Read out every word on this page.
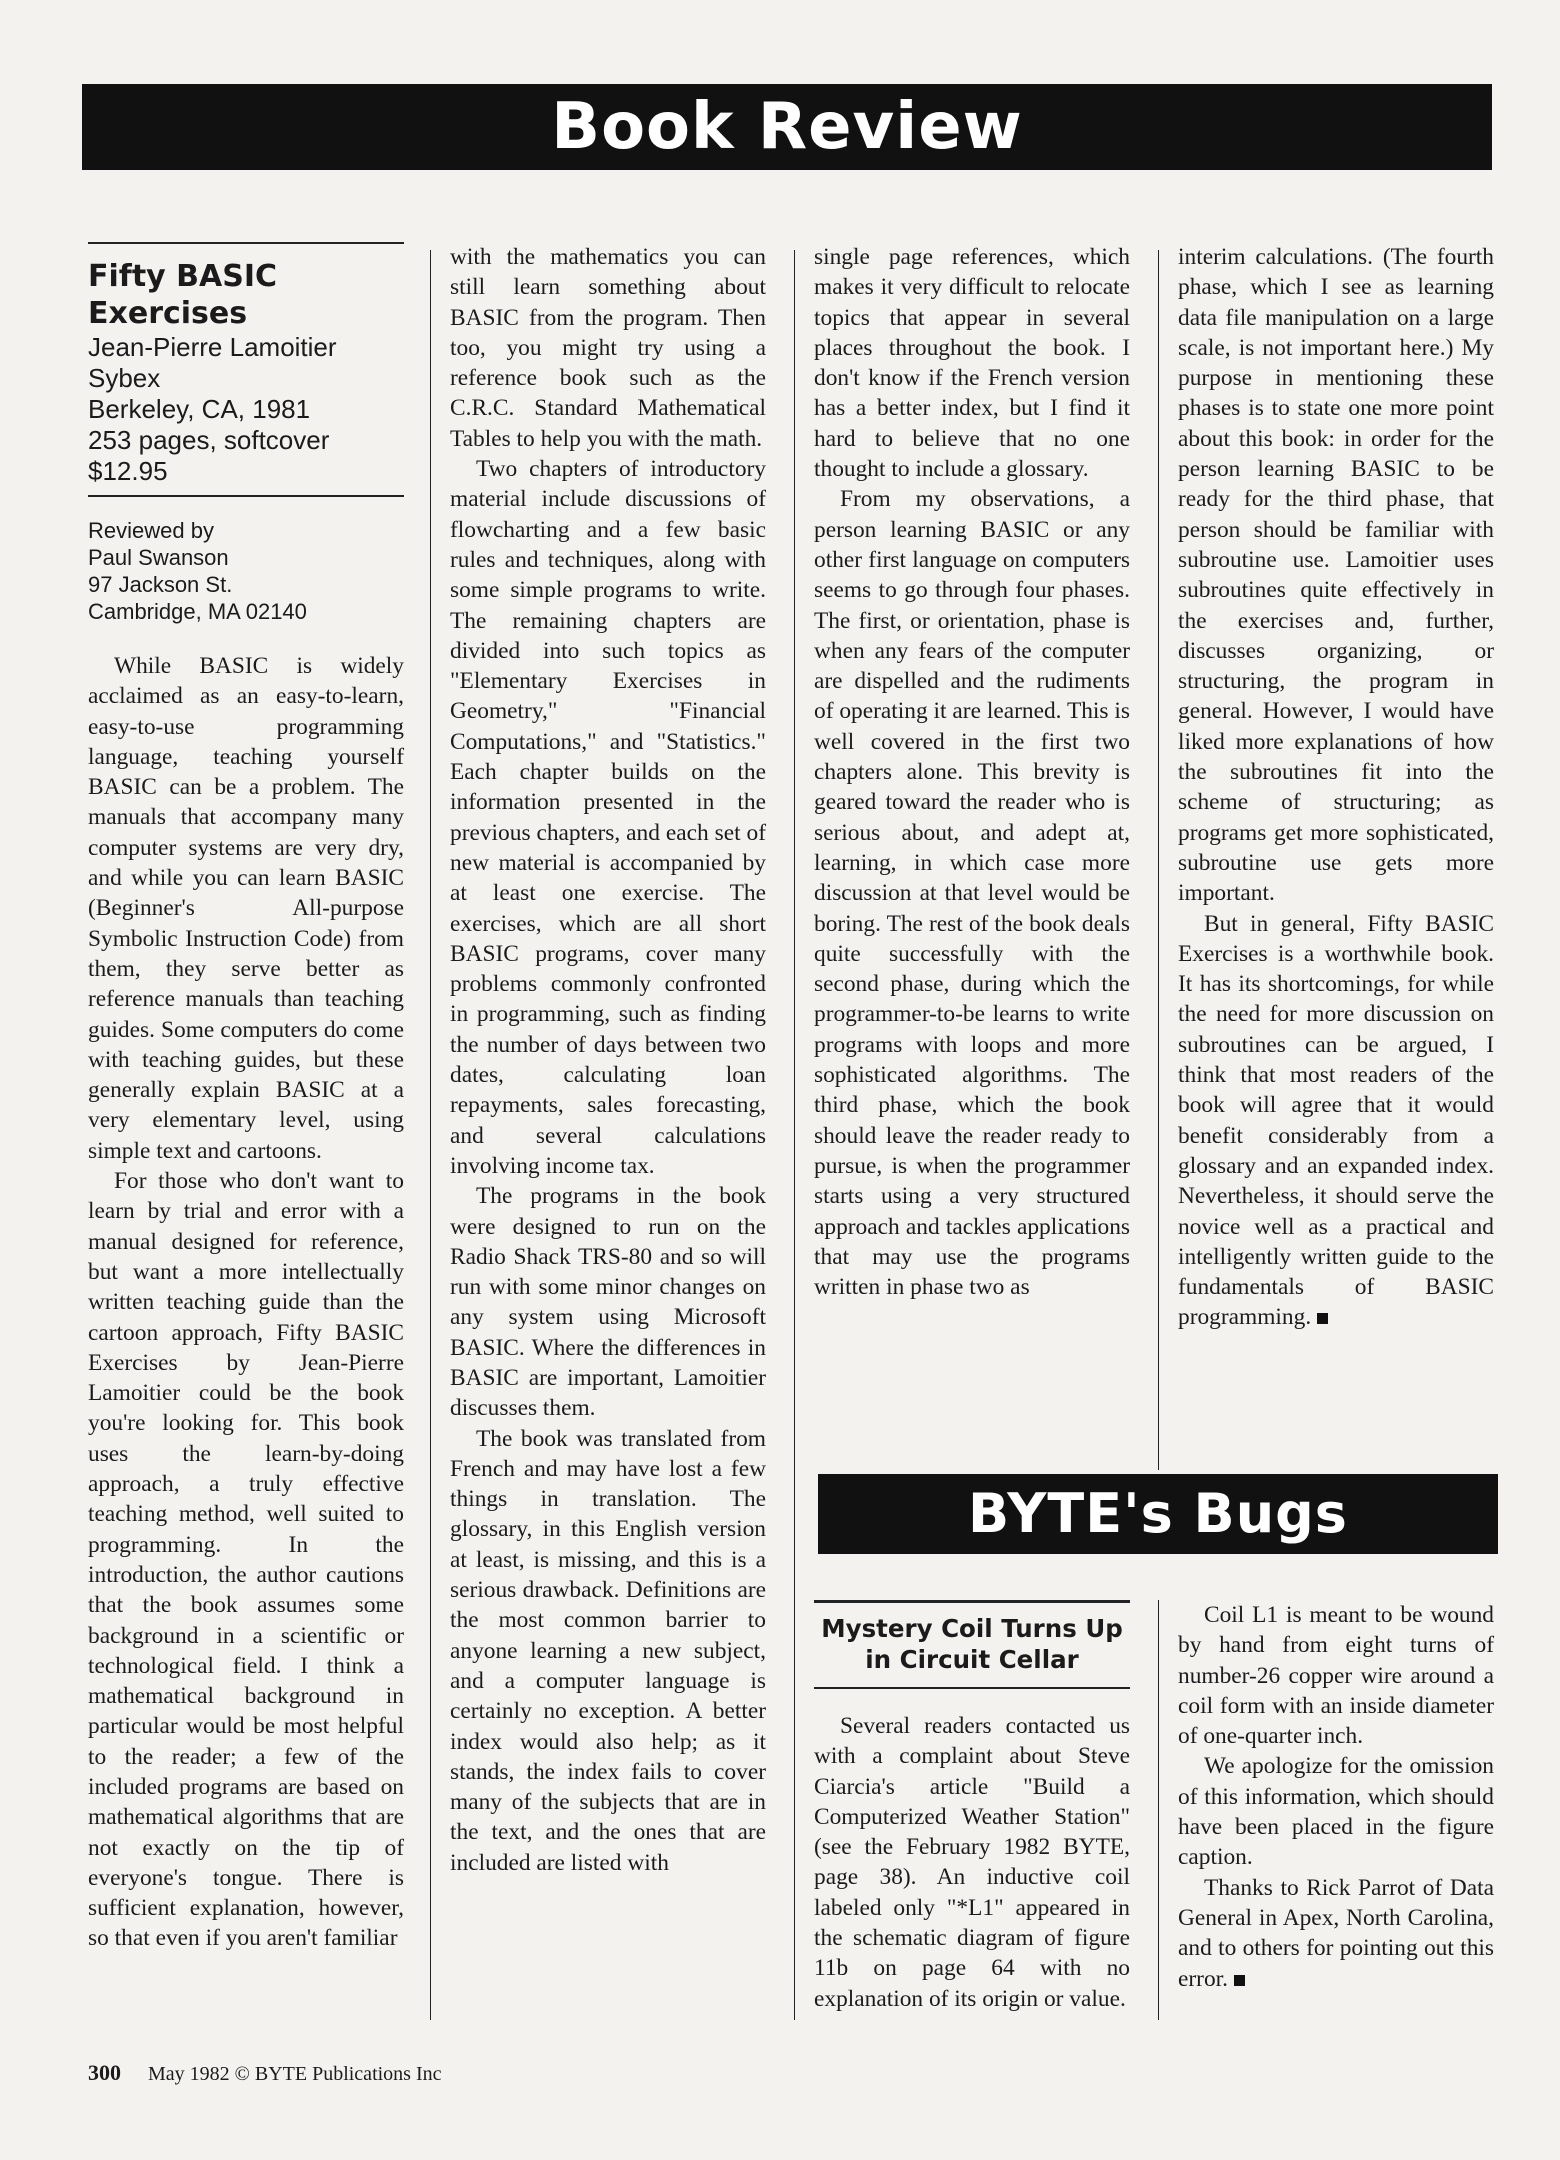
Book Review
Fifty BASIC Exercises
Jean-Pierre Lamoitier
Sybex
Berkeley, CA, 1981
253 pages, softcover
$12.95
Reviewed by
Paul Swanson
97 Jackson St.
Cambridge, MA 02140

While BASIC is widely acclaimed as an easy-to-learn, easy-to-use programming language, teaching yourself BASIC can be a problem. The manuals that accompany many computer systems are very dry, and while you can learn BASIC (Beginner's All-purpose Symbolic Instruction Code) from them, they serve better as reference manuals than teaching guides. Some computers do come with teaching guides, but these generally explain BASIC at a very elementary level, using simple text and cartoons.

For those who don't want to learn by trial and error with a manual designed for reference, but want a more intellectually written teaching guide than the cartoon approach, Fifty BASIC Exercises by Jean-Pierre Lamoitier could be the book you're looking for. This book uses the learn-by-doing approach, a truly effective teaching method, well suited to programming. In the introduction, the author cautions that the book assumes some background in a scientific or technological field. I think a mathematical background in particular would be most helpful to the reader; a few of the included programs are based on mathematical algorithms that are not exactly on the tip of everyone's tongue. There is sufficient explanation, however, so that even if you aren't familiar

with the mathematics you can still learn something about BASIC from the program. Then too, you might try using a reference book such as the C.R.C. Standard Mathematical Tables to help you with the math.

Two chapters of introductory material include discussions of flowcharting and a few basic rules and techniques, along with some simple programs to write. The remaining chapters are divided into such topics as "Elementary Exercises in Geometry," "Financial Computations," and "Statistics." Each chapter builds on the information presented in the previous chapters, and each set of new material is accompanied by at least one exercise. The exercises, which are all short BASIC programs, cover many problems commonly confronted in programming, such as finding the number of days between two dates, calculating loan repayments, sales forecasting, and several calculations involving income tax.

The programs in the book were designed to run on the Radio Shack TRS-80 and so will run with some minor changes on any system using Microsoft BASIC. Where the differences in BASIC are important, Lamoitier discusses them.

The book was translated from French and may have lost a few things in translation. The glossary, in this English version at least, is missing, and this is a serious drawback. Definitions are the most common barrier to anyone learning a new subject, and a computer language is certainly no exception. A better index would also help; as it stands, the index fails to cover many of the subjects that are in the text, and the ones that are included are listed with

single page references, which makes it very difficult to relocate topics that appear in several places throughout the book. I don't know if the French version has a better index, but I find it hard to believe that no one thought to include a glossary.

From my observations, a person learning BASIC or any other first language on computers seems to go through four phases. The first, or orientation, phase is when any fears of the computer are dispelled and the rudiments of operating it are learned. This is well covered in the first two chapters alone. This brevity is geared toward the reader who is serious about, and adept at, learning, in which case more discussion at that level would be boring. The rest of the book deals quite successfully with the second phase, during which the programmer-to-be learns to write programs with loops and more sophisticated algorithms. The third phase, which the book should leave the reader ready to pursue, is when the programmer starts using a very structured approach and tackles applications that may use the programs written in phase two as

interim calculations. (The fourth phase, which I see as learning data file manipulation on a large scale, is not important here.) My purpose in mentioning these phases is to state one more point about this book: in order for the person learning BASIC to be ready for the third phase, that person should be familiar with subroutine use. Lamoitier uses subroutines quite effectively in the exercises and, further, discusses organizing, or structuring, the program in general. However, I would have liked more explanations of how the subroutines fit into the scheme of structuring; as programs get more sophisticated, subroutine use gets more important.

But in general, Fifty BASIC Exercises is a worthwhile book. It has its shortcomings, for while the need for more discussion on subroutines can be argued, I think that most readers of the book will agree that it would benefit considerably from a glossary and an expanded index. Nevertheless, it should serve the novice well as a practical and intelligently written guide to the fundamentals of BASIC programming.

BYTE's Bugs
Mystery Coil Turns Up in Circuit Cellar

Several readers contacted us with a complaint about Steve Ciarcia's article "Build a Computerized Weather Station" (see the February 1982 BYTE, page 38). An inductive coil labeled only "*L1" appeared in the schematic diagram of figure 11b on page 64 with no explanation of its origin or value.

Coil L1 is meant to be wound by hand from eight turns of number-26 copper wire around a coil form with an inside diameter of one-quarter inch.

We apologize for the omission of this information, which should have been placed in the figure caption.

Thanks to Rick Parrot of Data General in Apex, North Carolina, and to others for pointing out this error.

300 May 1982 © BYTE Publications Inc
